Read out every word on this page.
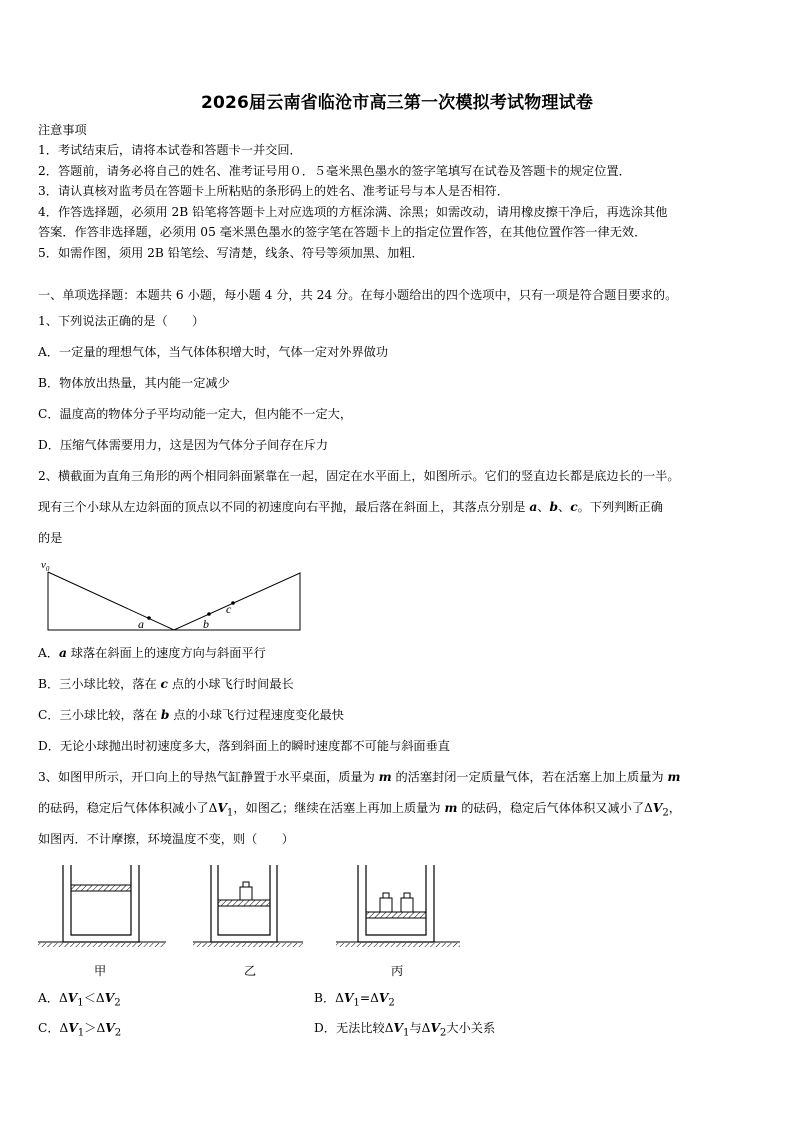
2026届云南省临沧市高三第一次模拟考试物理试卷
注意事项
1．考试结束后，请将本试卷和答题卡一并交回．
2．答题前，请务必将自己的姓名、准考证号用０．５毫米黑色墨水的签字笔填写在试卷及答题卡的规定位置．
3．请认真核对监考员在答题卡上所粘贴的条形码上的姓名、准考证号与本人是否相符．
4．作答选择题，必须用 2B 铅笔将答题卡上对应选项的方框涂满、涂黑；如需改动，请用橡皮擦干净后，再选涂其他
答案．作答非选择题，必须用 05 毫米黑色墨水的签字笔在答题卡上的指定位置作答，在其他位置作答一律无效．
5．如需作图，须用 2B 铅笔绘、写清楚，线条、符号等须加黑、加粗．
一、单项选择题：本题共 6 小题，每小题 4 分，共 24 分。在每小题给出的四个选项中，只有一项是符合题目要求的。
1、下列说法正确的是（　　）
A．一定量的理想气体，当气体体积增大时，气体一定对外界做功
B．物体放出热量，其内能一定减少
C．温度高的物体分子平均动能一定大，但内能不一定大，
D．压缩气体需要用力，这是因为气体分子间存在斥力
2、横截面为直角三角形的两个相同斜面紧靠在一起，固定在水平面上，如图所示。它们的竖直边长都是底边长的一半。
现有三个小球从左边斜面的顶点以不同的初速度向右平抛，最后落在斜面上，其落点分别是 a、b、c。下列判断正确
的是
$v_0$
a	b
c
A．a 球落在斜面上的速度方向与斜面平行
B．三小球比较，落在 c 点的小球飞行时间最长
C．三小球比较，落在 b 点的小球飞行过程速度变化最快
D．无论小球抛出时初速度多大，落到斜面上的瞬时速度都不可能与斜面垂直
3、如图甲所示，开口向上的导热气缸静置于水平桌面，质量为 m 的活塞封闭一定质量气体，若在活塞上加上质量为 m
的砝码，稳定后气体体积减小了$\Delta V_1$，如图乙；继续在活塞上再加上质量为 m 的砝码，稳定后气体体积又减小了$\Delta V_2$，
如图丙．不计摩擦，环境温度不变，则（　　）
甲	乙	丙
A．$\Delta V_1<\Delta V_2$	B．$\Delta V_1=\Delta V_2$
C．$\Delta V_1>\Delta V_2$	D．无法比较$\Delta V_1$与$\Delta V_2$大小关系
